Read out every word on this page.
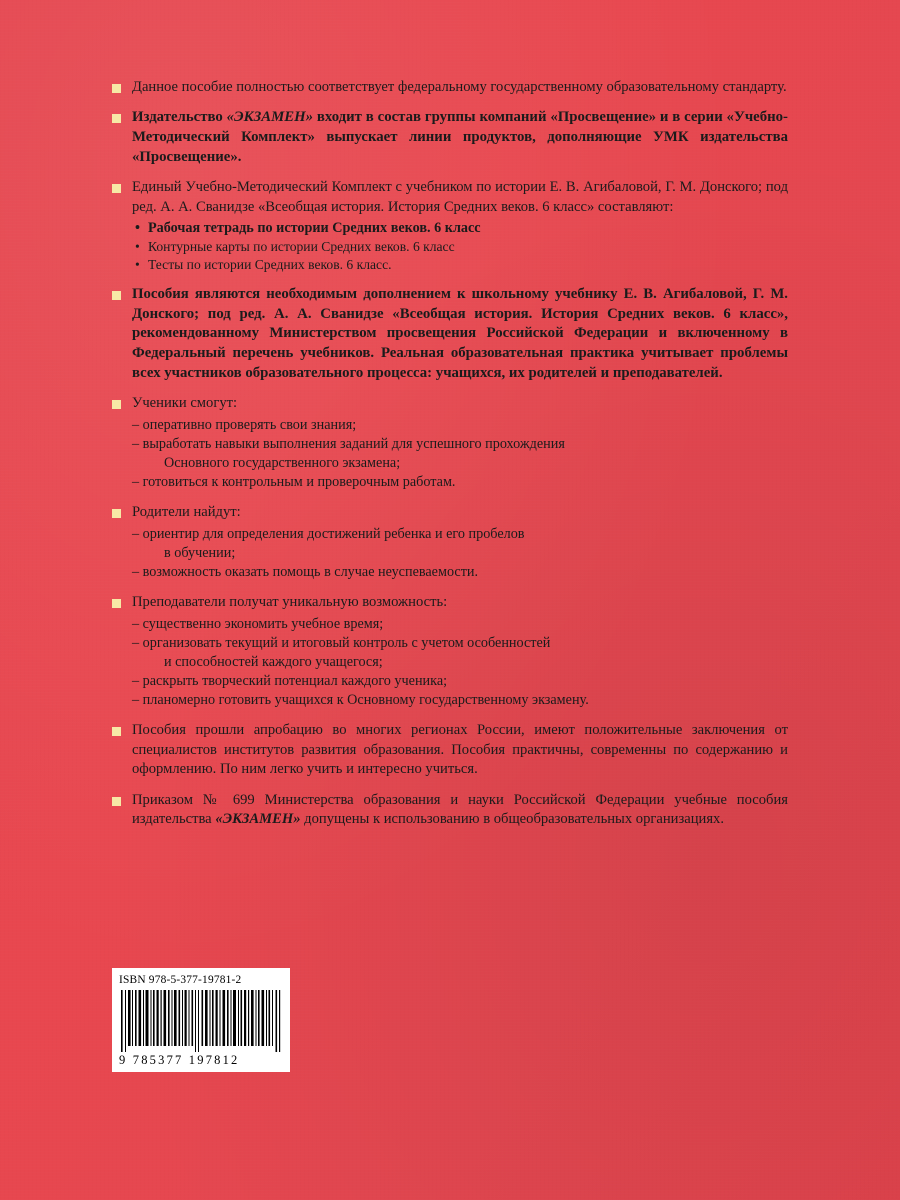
Данное пособие полностью соответствует федеральному государственному образовательному стандарту.
Издательство «ЭКЗАМЕН» входит в состав группы компаний «Просвещение» и в серии «Учебно-Методический Комплект» выпускает линии продуктов, дополняющие УМК издательства «Просвещение».
Единый Учебно-Методический Комплект с учебником по истории Е. В. Агибаловой, Г. М. Донского; под ред. А. А. Сванидзе «Всеобщая история. История Средних веков. 6 класс» составляют:
• Рабочая тетрадь по истории Средних веков. 6 класс
• Контурные карты по истории Средних веков. 6 класс
• Тесты по истории Средних веков. 6 класс.
Пособия являются необходимым дополнением к школьному учебнику Е. В. Агибаловой, Г. М. Донского; под ред. А. А. Сванидзе «Всеобщая история. История Средних веков. 6 класс», рекомендованному Министерством просвещения Российской Федерации и включенному в Федеральный перечень учебников. Реальная образовательная практика учитывает проблемы всех участников образовательного процесса: учащихся, их родителей и преподавателей.
Ученики смогут:
– оперативно проверять свои знания;
– выработать навыки выполнения заданий для успешного прохождения
Основного государственного экзамена;
– готовиться к контрольным и проверочным работам.
Родители найдут:
– ориентир для определения достижений ребенка и его пробелов
в обучении;
– возможность оказать помощь в случае неуспеваемости.
Преподаватели получат уникальную возможность:
– существенно экономить учебное время;
– организовать текущий и итоговый контроль с учетом особенностей
и способностей каждого учащегося;
– раскрыть творческий потенциал каждого ученика;
– планомерно готовить учащихся к Основному государственному экзамену.
Пособия прошли апробацию во многих регионах России, имеют положительные заключения от специалистов институтов развития образования. Пособия практичны, современны по содержанию и оформлению. По ним легко учить и интересно учиться.
Приказом № 699 Министерства образования и науки Российской Федерации учебные пособия издательства «ЭКЗАМЕН» допущены к использованию в общеобразовательных организациях.
ISBN 978-5-377-19781-2
9 785377 197812
